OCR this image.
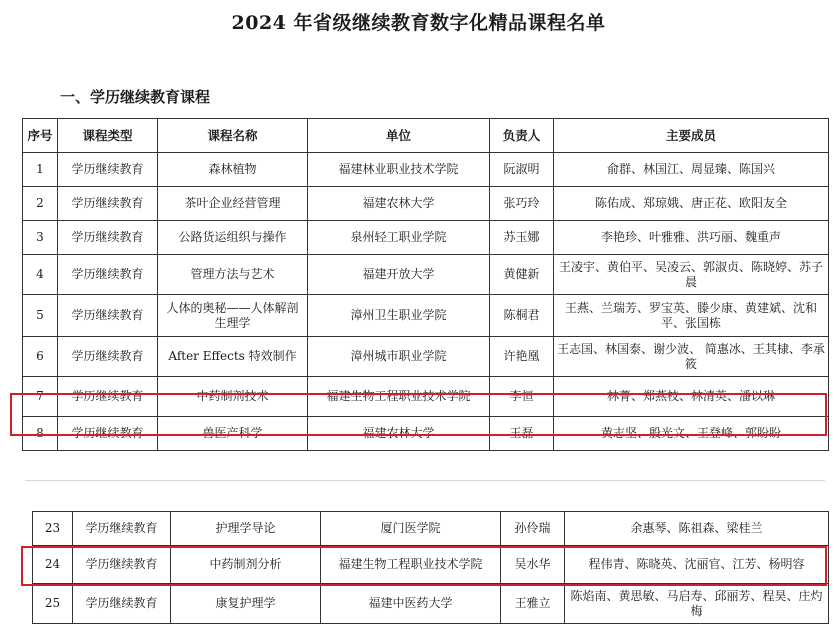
2024 年省级继续教育数字化精品课程名单
一、学历继续教育课程
序号	课程类型	课程名称	单位	负责人	主要成员
1	学历继续教育	森林植物	福建林业职业技术学院	阮淑明	俞群、林国江、周显臻、陈国兴
2	学历继续教育	茶叶企业经营管理	福建农林大学	张巧玲	陈佑成、郑琼娥、唐正花、欧阳友全
3	学历继续教育	公路货运组织与操作	泉州轻工职业学院	苏玉娜	李艳珍、叶雅雅、洪巧丽、魏重声
4	学历继续教育	管理方法与艺术	福建开放大学	黄健新	王凌宇、黄伯平、吴凌云、郭淑贞、陈晓婷、苏子晨
5	学历继续教育	人体的奥秘——人体解剖生理学	漳州卫生职业学院	陈桐君	王燕、兰瑞芳、罗宝英、滕少康、黄建斌、沈和平、张国栋
6	学历继续教育	After Effects 特效制作	漳州城市职业学院	许艳凰	王志国、林国泰、谢少波、 简惠冰、王其棣、李承筱
7	学历继续教育	中药制剂技术	福建生物工程职业技术学院	李恒	林菁、郑燕枝、林清英、潘以琳
8	学历继续教育	兽医产科学	福建农林大学	王磊	黄志坚、殷光文、王登峰、郭盼盼
23	学历继续教育	护理学导论	厦门医学院	孙伶瑞	余惠琴、陈祖森、梁桂兰
24	学历继续教育	中药制剂分析	福建生物工程职业技术学院	吴水华	程伟青、陈晓英、沈丽官、江芳、杨明容
25	学历继续教育	康复护理学	福建中医药大学	王雅立	陈焰南、黄思敏、马启寿、邱丽芳、程昊、庄灼梅
